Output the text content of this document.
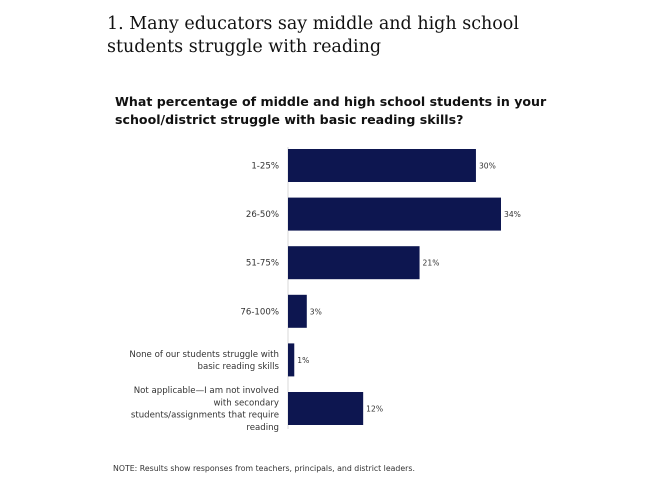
1. Many educators say middle and high school students struggle with reading
What percentage of middle and high school students in your school/district struggle with basic reading skills?
30%
1-25%
34%
26-50%
21%
51-75%
3%
76-100%
1%
None of our students struggle with basic reading skills
12%
Not applicable—I am not involved with secondary students/assignments that require reading

NOTE: Results show responses from teachers, principals, and district leaders.
